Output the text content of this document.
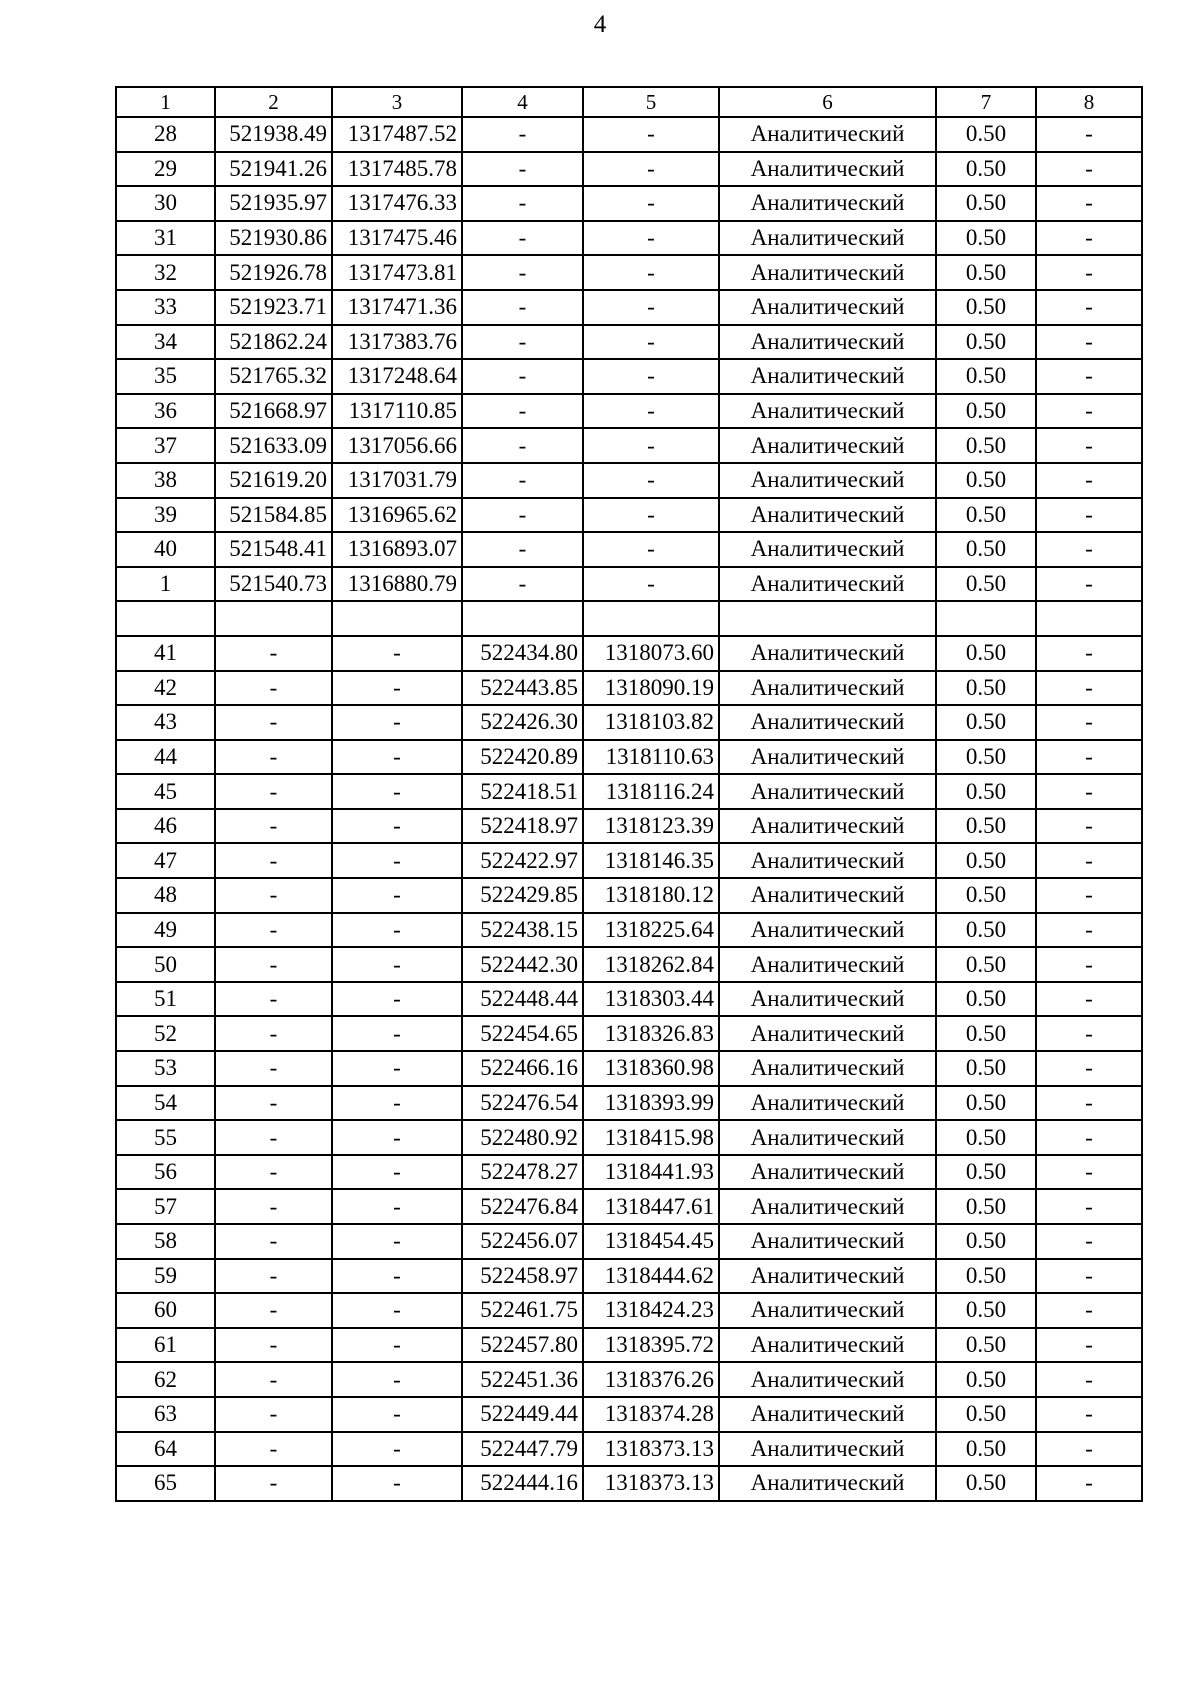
4
1	2	3	4	5	6	7	8
28	521938.49	1317487.52	-	-	Аналитический	0.50	-
29	521941.26	1317485.78	-	-	Аналитический	0.50	-
30	521935.97	1317476.33	-	-	Аналитический	0.50	-
31	521930.86	1317475.46	-	-	Аналитический	0.50	-
32	521926.78	1317473.81	-	-	Аналитический	0.50	-
33	521923.71	1317471.36	-	-	Аналитический	0.50	-
34	521862.24	1317383.76	-	-	Аналитический	0.50	-
35	521765.32	1317248.64	-	-	Аналитический	0.50	-
36	521668.97	1317110.85	-	-	Аналитический	0.50	-
37	521633.09	1317056.66	-	-	Аналитический	0.50	-
38	521619.20	1317031.79	-	-	Аналитический	0.50	-
39	521584.85	1316965.62	-	-	Аналитический	0.50	-
40	521548.41	1316893.07	-	-	Аналитический	0.50	-
1	521540.73	1316880.79	-	-	Аналитический	0.50	-

41	-	-	522434.80	1318073.60	Аналитический	0.50	-
42	-	-	522443.85	1318090.19	Аналитический	0.50	-
43	-	-	522426.30	1318103.82	Аналитический	0.50	-
44	-	-	522420.89	1318110.63	Аналитический	0.50	-
45	-	-	522418.51	1318116.24	Аналитический	0.50	-
46	-	-	522418.97	1318123.39	Аналитический	0.50	-
47	-	-	522422.97	1318146.35	Аналитический	0.50	-
48	-	-	522429.85	1318180.12	Аналитический	0.50	-
49	-	-	522438.15	1318225.64	Аналитический	0.50	-
50	-	-	522442.30	1318262.84	Аналитический	0.50	-
51	-	-	522448.44	1318303.44	Аналитический	0.50	-
52	-	-	522454.65	1318326.83	Аналитический	0.50	-
53	-	-	522466.16	1318360.98	Аналитический	0.50	-
54	-	-	522476.54	1318393.99	Аналитический	0.50	-
55	-	-	522480.92	1318415.98	Аналитический	0.50	-
56	-	-	522478.27	1318441.93	Аналитический	0.50	-
57	-	-	522476.84	1318447.61	Аналитический	0.50	-
58	-	-	522456.07	1318454.45	Аналитический	0.50	-
59	-	-	522458.97	1318444.62	Аналитический	0.50	-
60	-	-	522461.75	1318424.23	Аналитический	0.50	-
61	-	-	522457.80	1318395.72	Аналитический	0.50	-
62	-	-	522451.36	1318376.26	Аналитический	0.50	-
63	-	-	522449.44	1318374.28	Аналитический	0.50	-
64	-	-	522447.79	1318373.13	Аналитический	0.50	-
65	-	-	522444.16	1318373.13	Аналитический	0.50	-
